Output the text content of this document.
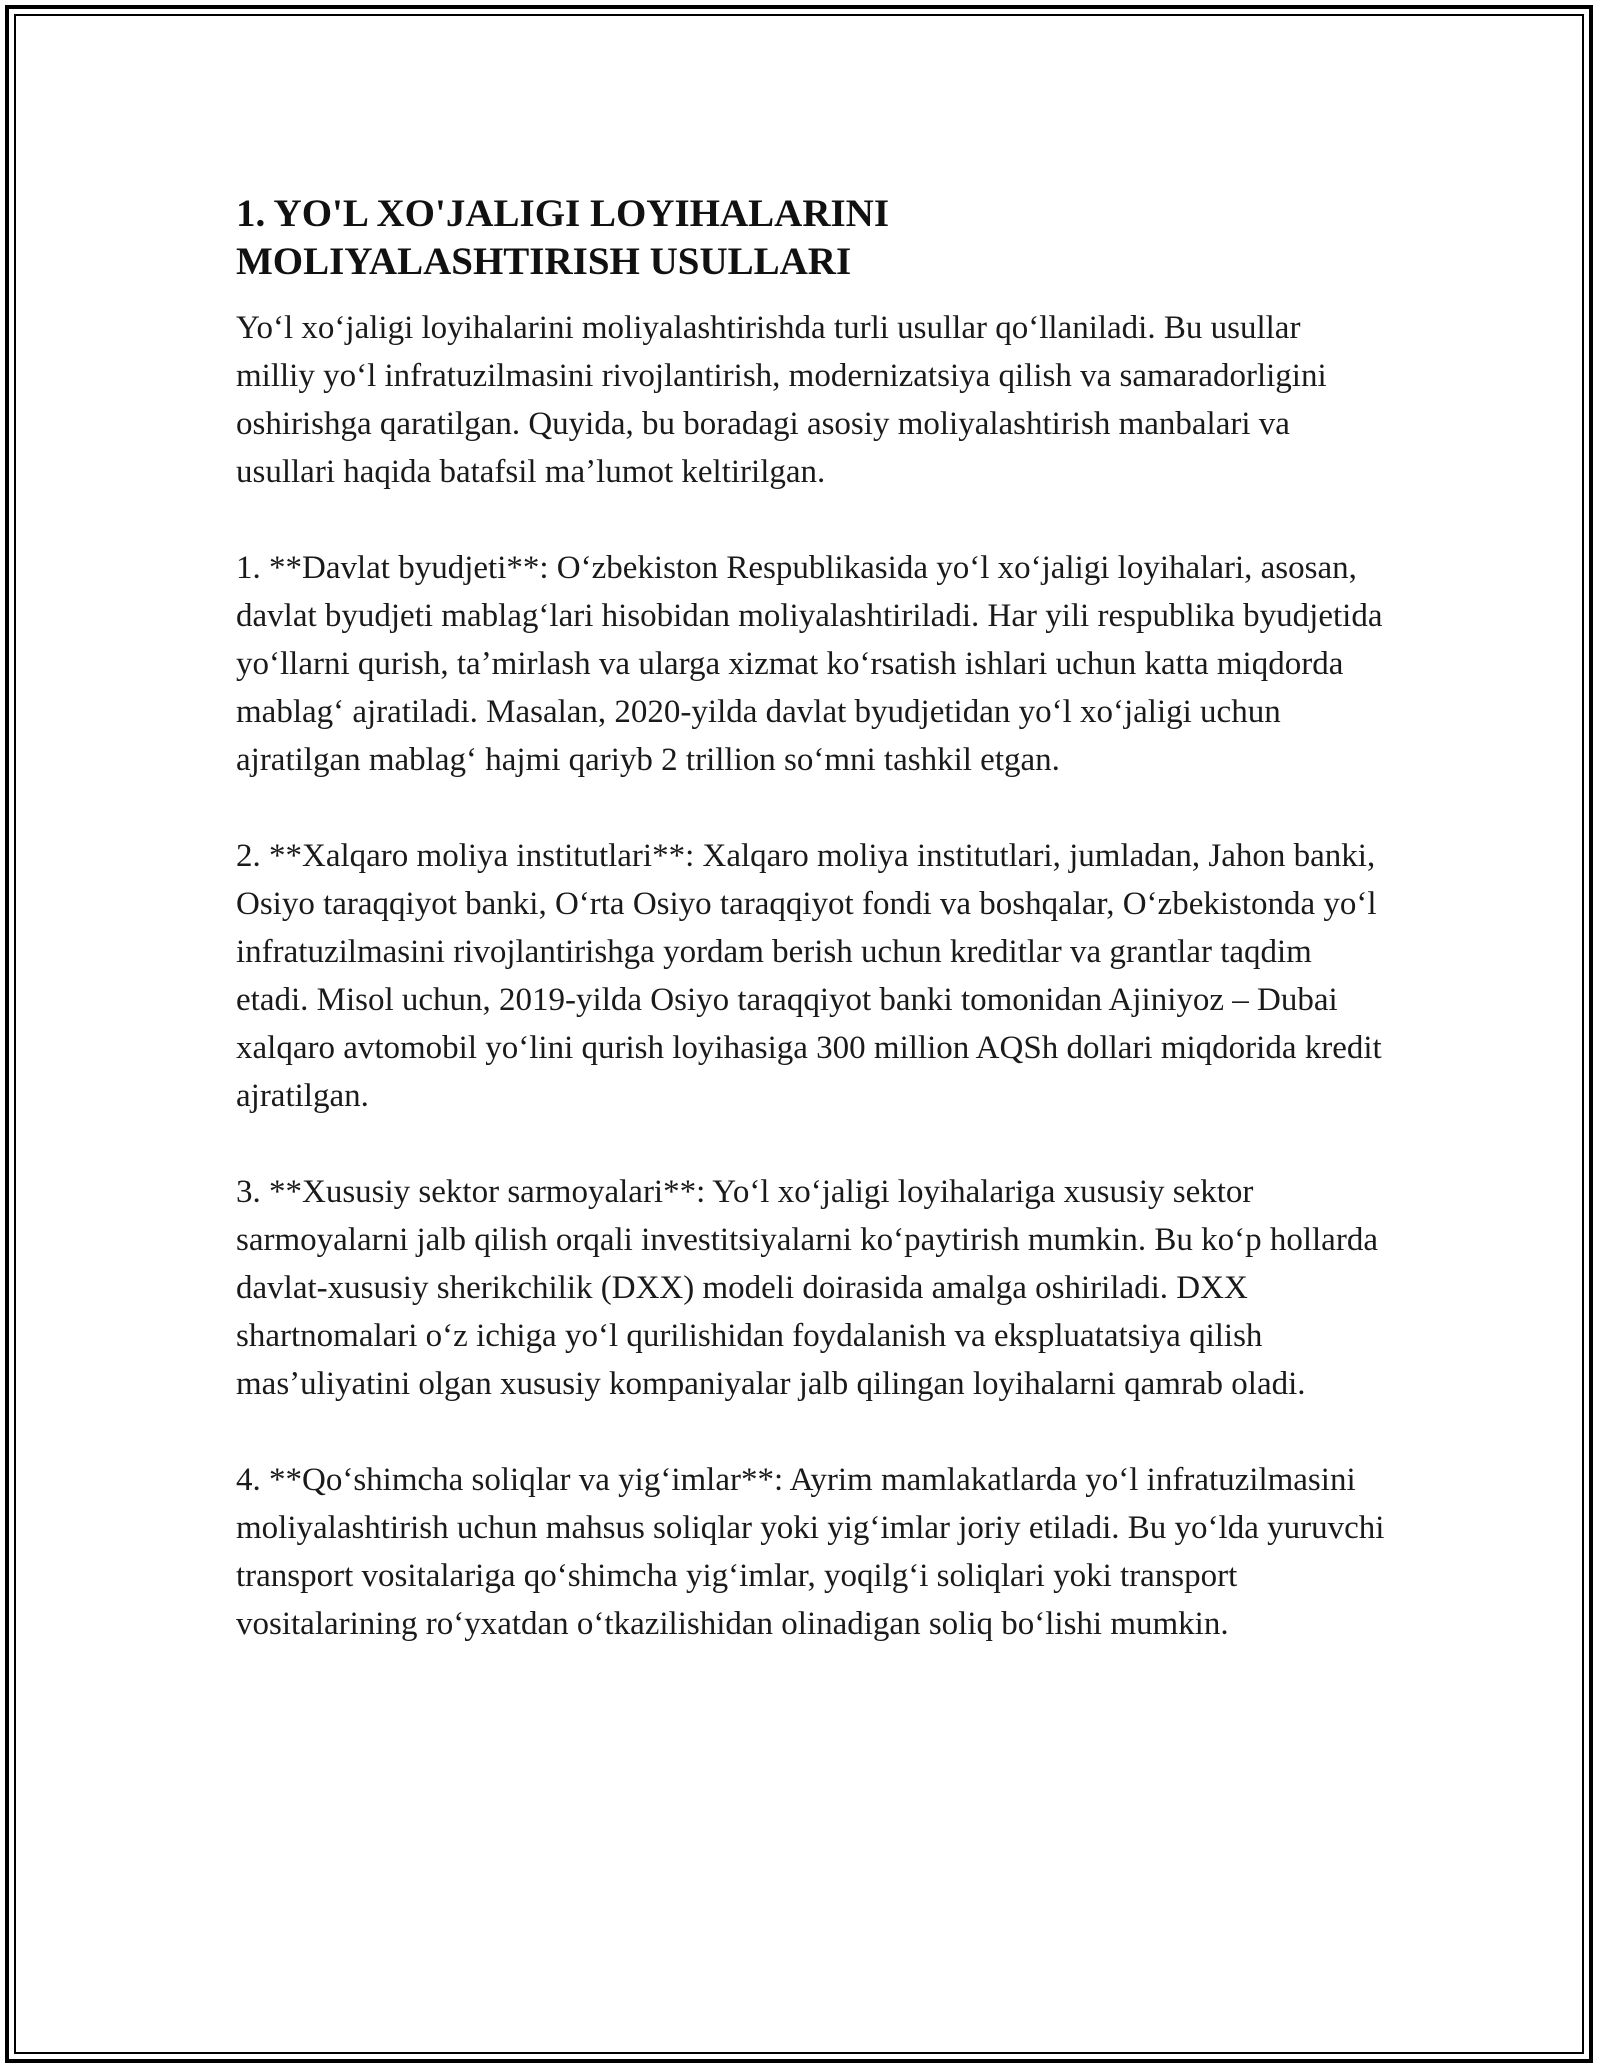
1. YO'L XO'JALIGI LOYIHALARINI MOLIYALASHTIRISH USULLARI

Yoʻl xoʻjaligi loyihalarini moliyalashtirishda turli usullar qoʻllaniladi. Bu usullar milliy yoʻl infratuzilmasini rivojlantirish, modernizatsiya qilish va samaradorligini oshirishga qaratilgan. Quyida, bu boradagi asosiy moliyalashtirish manbalari va usullari haqida batafsil maʼlumot keltirilgan.

1. **Davlat byudjeti**: Oʻzbekiston Respublikasida yoʻl xoʻjaligi loyihalari, asosan, davlat byudjeti mablagʻlari hisobidan moliyalashtiriladi. Har yili respublika byudjetida yoʻllarni qurish, taʼmirlash va ularga xizmat koʻrsatish ishlari uchun katta miqdorda mablagʻ ajratiladi. Masalan, 2020-yilda davlat byudjetidan yoʻl xoʻjaligi uchun ajratilgan mablagʻ hajmi qariyb 2 trillion soʻmni tashkil etgan.

2. **Xalqaro moliya institutlari**: Xalqaro moliya institutlari, jumladan, Jahon banki, Osiyo taraqqiyot banki, Oʻrta Osiyo taraqqiyot fondi va boshqalar, Oʻzbekistonda yoʻl infratuzilmasini rivojlantirishga yordam berish uchun kreditlar va grantlar taqdim etadi. Misol uchun, 2019-yilda Osiyo taraqqiyot banki tomonidan Ajiniyoz – Dubai xalqaro avtomobil yoʻlini qurish loyihasiga 300 million AQSh dollari miqdorida kredit ajratilgan.

3. **Xususiy sektor sarmoyalari**: Yoʻl xoʻjaligi loyihalariga xususiy sektor sarmoyalarni jalb qilish orqali investitsiyalarni koʻpaytirish mumkin. Bu koʻp hollarda davlat-xususiy sherikchilik (DXX) modeli doirasida amalga oshiriladi. DXX shartnomalari oʻz ichiga yoʻl qurilishidan foydalanish va ekspluatatsiya qilish masʼuliyatini olgan xususiy kompaniyalar jalb qilingan loyihalarni qamrab oladi.

4. **Qoʻshimcha soliqlar va yigʻimlar**: Ayrim mamlakatlarda yoʻl infratuzilmasini moliyalashtirish uchun mahsus soliqlar yoki yigʻimlar joriy etiladi. Bu yoʻlda yuruvchi transport vositalariga qoʻshimcha yigʻimlar, yoqilgʻi soliqlari yoki transport vositalarining roʻyxatdan oʻtkazilishidan olinadigan soliq boʻlishi mumkin.
